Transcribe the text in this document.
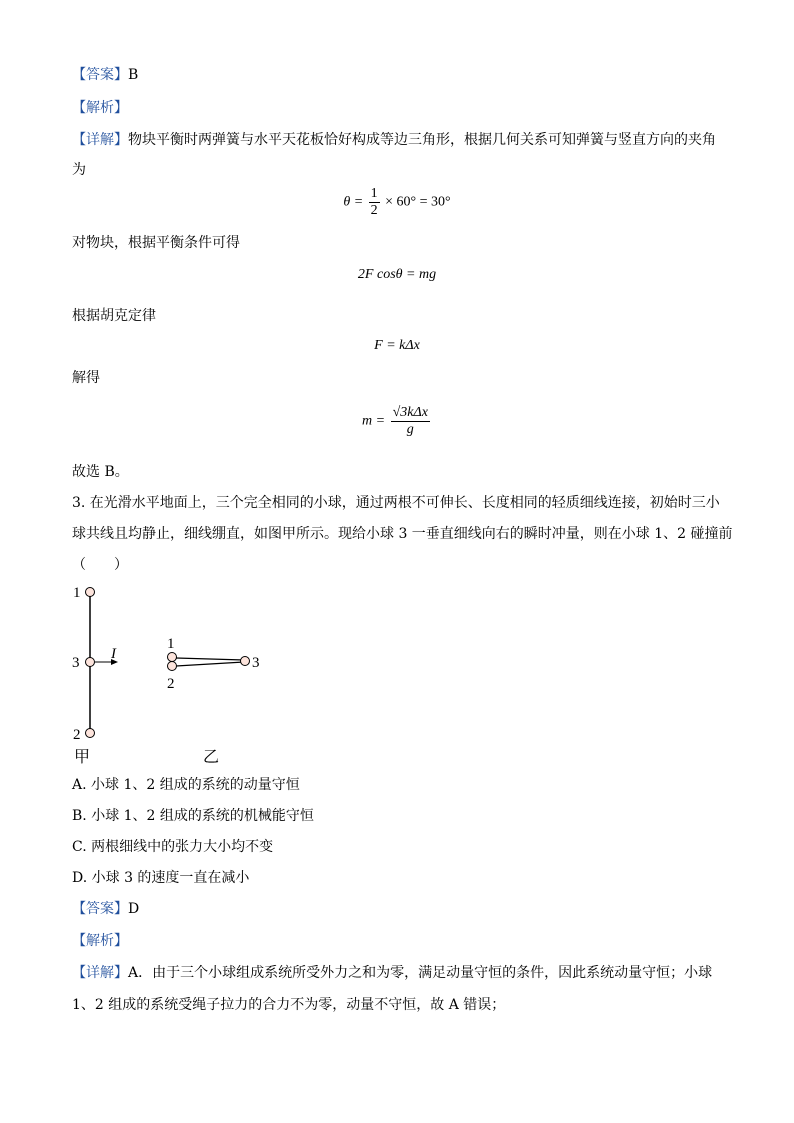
【答案】B
【解析】
【详解】物块平衡时两弹簧与水平天花板恰好构成等边三角形，根据几何关系可知弹簧与竖直方向的夹角
为
$\theta = \frac{1}{2} \times 60^\circ = 30^\circ$
对物块，根据平衡条件可得
2F cosθ = mg
根据胡克定律
F = kΔx
解得
$m = \frac{\text{√3kΔx}}{g}$
故选 B。
3. 在光滑水平地面上，三个完全相同的小球，通过两根不可伸长、长度相同的轻质细线连接，初始时三小
球共线且均静止，细线绷直，如图甲所示。现给小球 3 一垂直细线向右的瞬时冲量，则在小球 1、2 碰撞前
（　　）
1
3
2
I
甲
1
2
3
乙
A. 小球 1、2 组成的系统的动量守恒
B. 小球 1、2 组成的系统的机械能守恒
C. 两根细线中的张力大小均不变
D. 小球 3 的速度一直在减小
【答案】D
【解析】
【详解】A．由于三个小球组成系统所受外力之和为零，满足动量守恒的条件，因此系统动量守恒；小球
1、2 组成的系统受绳子拉力的合力不为零，动量不守恒，故 A 错误；
